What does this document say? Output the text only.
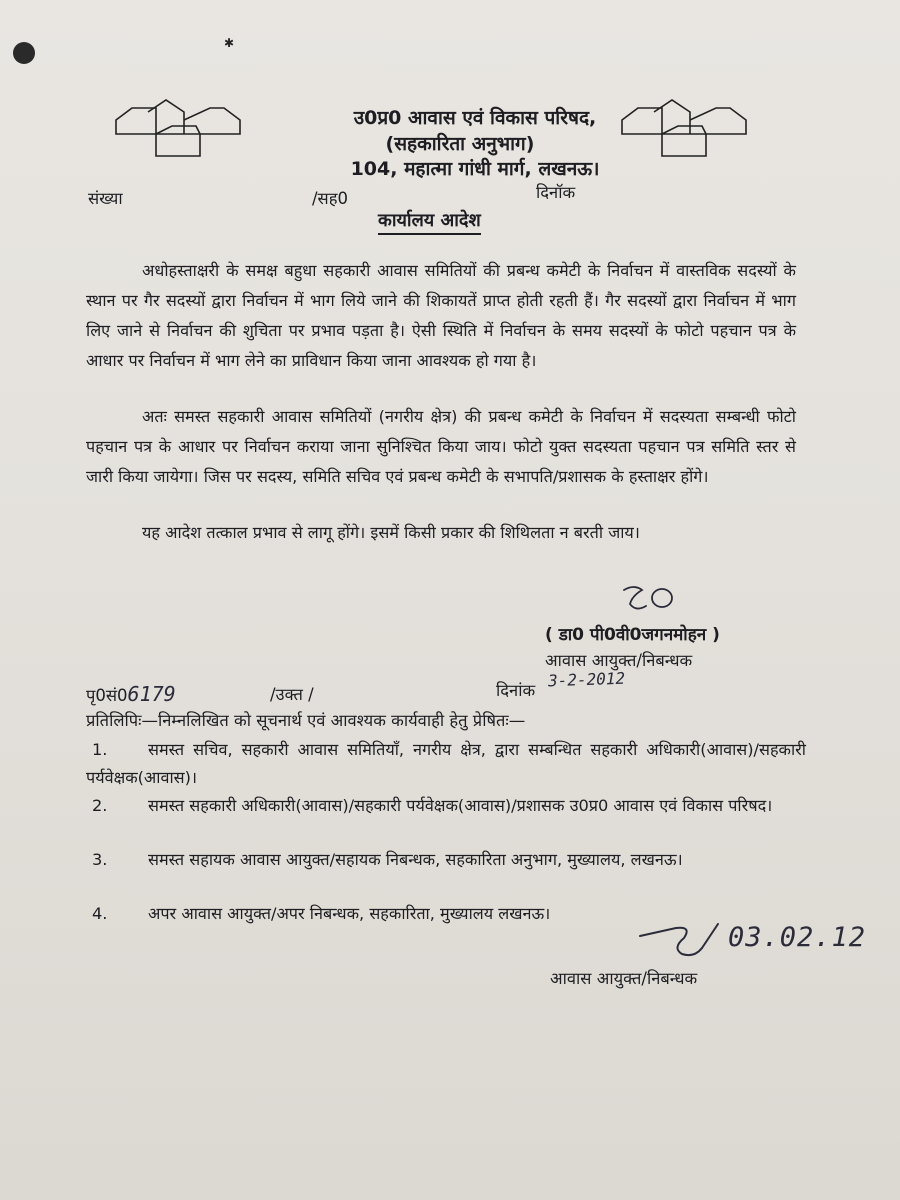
✱
उ0प्र0 आवास एवं विकास परिषद,
(सहकारिता अनुभाग)
104, महात्मा गांधी मार्ग, लखनऊ।
संख्या	/सह0	दिनॉक
कार्यालय आदेश
अधोहस्ताक्षरी के समक्ष बहुधा सहकारी आवास समितियों की प्रबन्ध कमेटी के निर्वाचन में वास्तविक सदस्यों के स्थान पर गैर सदस्यों द्वारा निर्वाचन में भाग लिये जाने की शिकायतें प्राप्त होती रहती हैं। गैर सदस्यों द्वारा निर्वाचन में भाग लिए जाने से निर्वाचन की शुचिता पर प्रभाव पड़ता है। ऐसी स्थिति में निर्वाचन के समय सदस्यों के फोटो पहचान पत्र के आधार पर निर्वाचन में भाग लेने का प्राविधान किया जाना आवश्यक हो गया है।
अतः समस्त सहकारी आवास समितियों (नगरीय क्षेत्र) की प्रबन्ध कमेटी के निर्वाचन में सदस्यता सम्बन्धी फोटो पहचान पत्र के आधार पर निर्वाचन कराया जाना सुनिश्चित किया जाय। फोटो युक्त सदस्यता पहचान पत्र समिति स्तर से जारी किया जायेगा। जिस पर सदस्य, समिति सचिव एवं प्रबन्ध कमेटी के सभापति/प्रशासक के हस्ताक्षर होंगे।
यह आदेश तत्काल प्रभाव से लागू होंगे। इसमें किसी प्रकार की शिथिलता न बरती जाय।
( डा0 पी0वी0जगनमोहन )
आवास आयुक्त/निबन्धक
पृ0सं06179	/उक्त /	दिनांक
3-2-2012
प्रतिलिपिः—निम्नलिखित को सूचनार्थ एवं आवश्यक कार्यवाही हेतु प्रेषितः—
1.	समस्त सचिव, सहकारी आवास समितियॉं, नगरीय क्षेत्र, द्वारा सम्बन्धित सहकारी अधिकारी(आवास)/सहकारी पर्यवेक्षक(आवास)।
2.	समस्त सहकारी अधिकारी(आवास)/सहकारी पर्यवेक्षक(आवास)/प्रशासक उ0प्र0 आवास एवं विकास परिषद।
3.	समस्त सहायक आवास आयुक्त/सहायक निबन्धक, सहकारिता अनुभाग, मुख्यालय, लखनऊ।
4.	अपर आवास आयुक्त/अपर निबन्धक, सहकारिता, मुख्यालय लखनऊ।
03.02.12
आवास आयुक्त/निबन्धक
